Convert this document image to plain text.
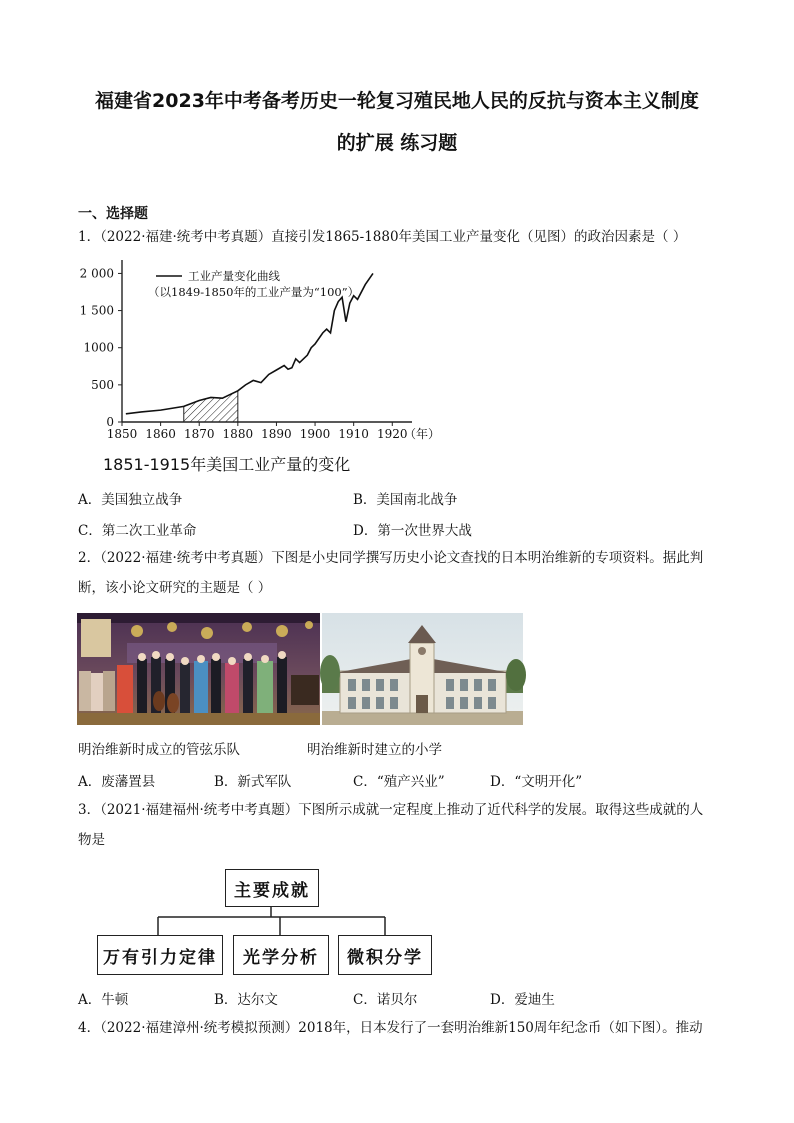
福建省2023年中考备考历史一轮复习殖民地人民的反抗与资本主义制度
的扩展 练习题
一、选择题
1．（2022·福建·统考中考真题）直接引发1865-1880年美国工业产量变化（见图）的政治因素是（ ）
1850 1860 1870 1880 1890 1900 1910 1920
（年）
0
500
1000
1 500
2 000	工业产量变化曲线
（以1849-1850年的工业产量为“100”）
1851-1915年美国工业产量的变化
A．美国独立战争	B．美国南北战争
C．第二次工业革命	D．第一次世界大战
2．（2022·福建·统考中考真题）下图是小史同学撰写历史小论文查找的日本明治维新的专项资料。据此判
断，该小论文研究的主题是（ ）
明治维新时成立的管弦乐队	明治维新时建立的小学
A．废藩置县	B．新式军队	C．“殖产兴业”	D．“文明开化”
3．（2021·福建福州·统考中考真题）下图所示成就一定程度上推动了近代科学的发展。取得这些成就的人
物是
主要成就
万有引力定律	光学分析	微积分学
A．牛顿	B．达尔文	C．诺贝尔	D．爱迪生
4．（2022·福建漳州·统考模拟预测）2018年，日本发行了一套明治维新150周年纪念币（如下图）。推动
